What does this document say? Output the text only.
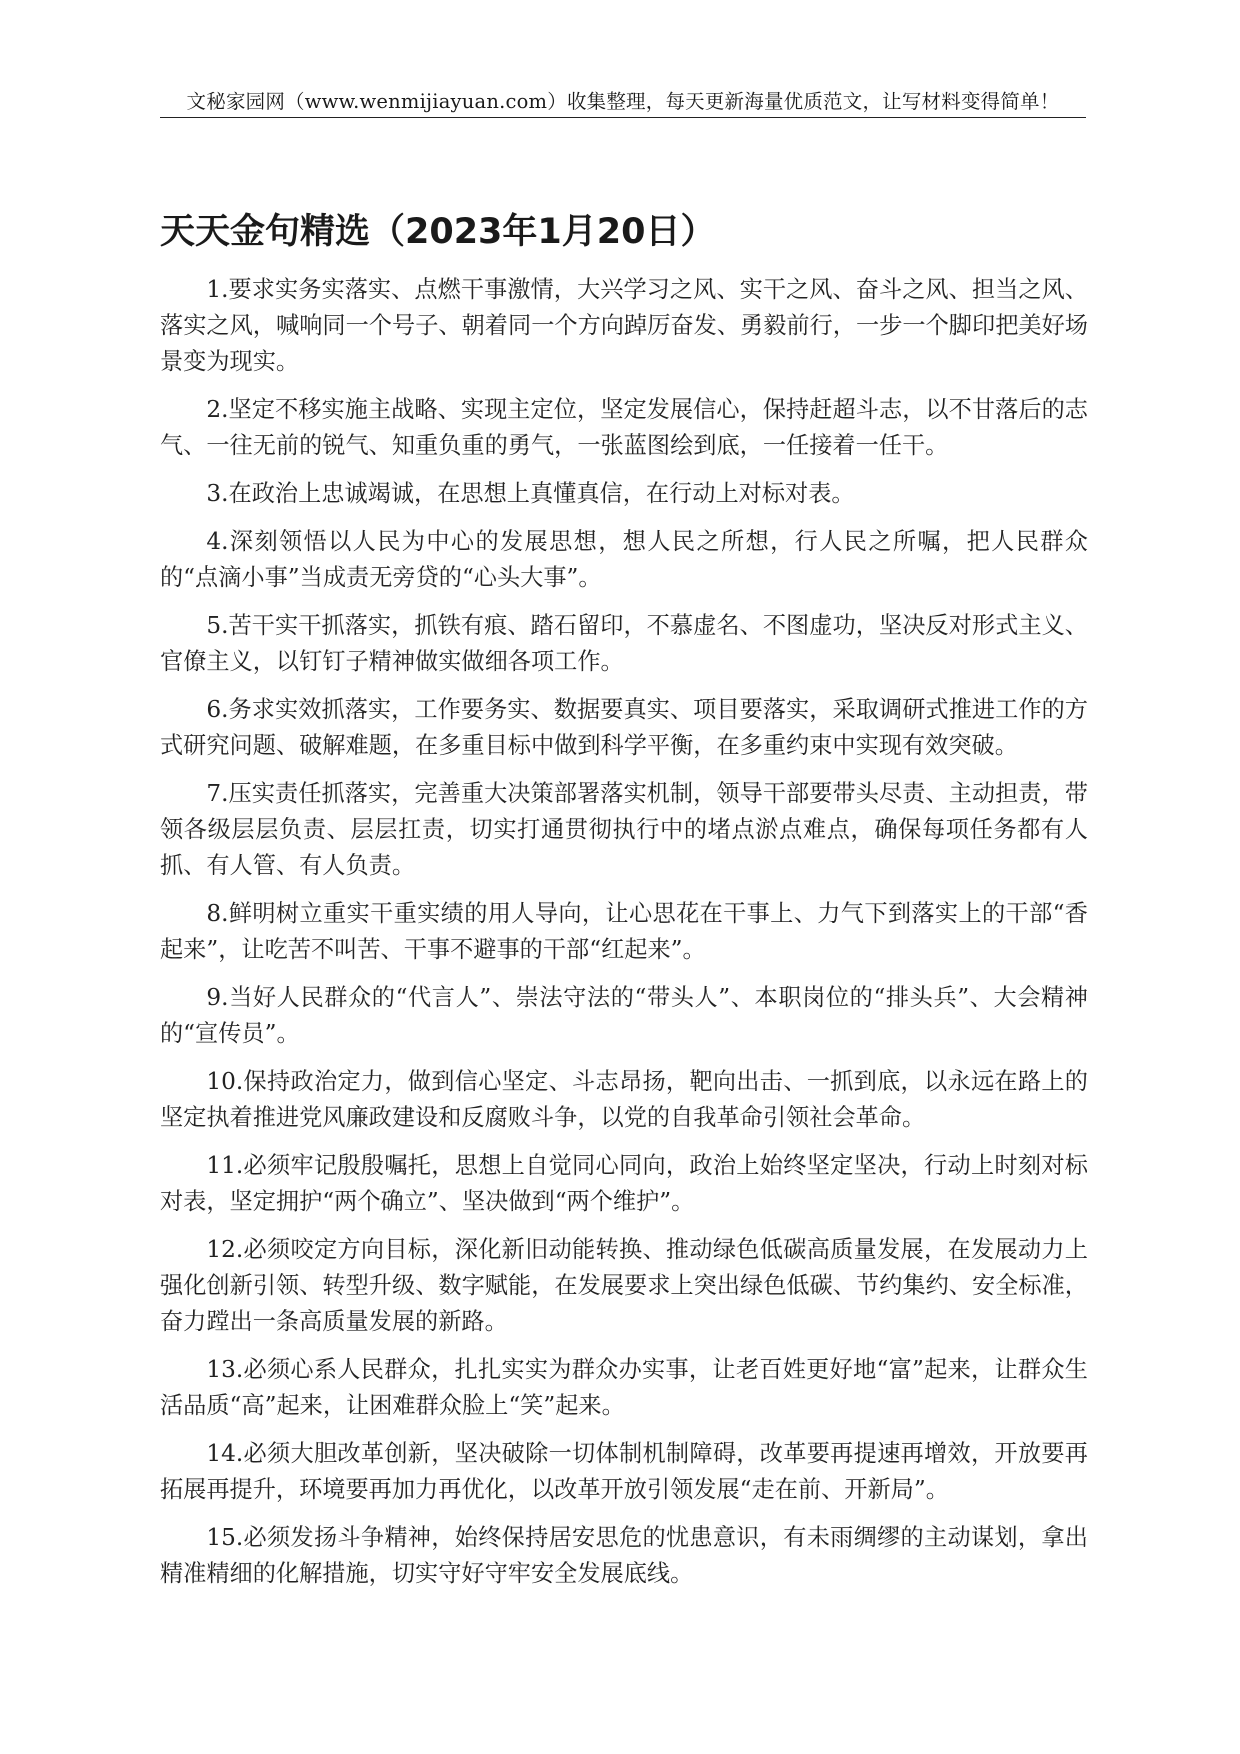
文秘家园网（www.wenmijiayuan.com）收集整理，每天更新海量优质范文，让写材料变得简单！
天天金句精选（2023年1月20日）

1.要求实务实落实、点燃干事激情，大兴学习之风、实干之风、奋斗之风、担当之风、落实之风，喊响同一个号子、朝着同一个方向踔厉奋发、勇毅前行，一步一个脚印把美好场景变为现实。

2.坚定不移实施主战略、实现主定位，坚定发展信心，保持赶超斗志，以不甘落后的志气、一往无前的锐气、知重负重的勇气，一张蓝图绘到底，一任接着一任干。

3.在政治上忠诚竭诚，在思想上真懂真信，在行动上对标对表。

4.深刻领悟以人民为中心的发展思想，想人民之所想，行人民之所嘱，把人民群众的“点滴小事”当成责无旁贷的“心头大事”。

5.苦干实干抓落实，抓铁有痕、踏石留印，不慕虚名、不图虚功，坚决反对形式主义、官僚主义，以钉钉子精神做实做细各项工作。

6.务求实效抓落实，工作要务实、数据要真实、项目要落实，采取调研式推进工作的方式研究问题、破解难题，在多重目标中做到科学平衡，在多重约束中实现有效突破。

7.压实责任抓落实，完善重大决策部署落实机制，领导干部要带头尽责、主动担责，带领各级层层负责、层层扛责，切实打通贯彻执行中的堵点淤点难点，确保每项任务都有人抓、有人管、有人负责。

8.鲜明树立重实干重实绩的用人导向，让心思花在干事上、力气下到落实上的干部“香起来”，让吃苦不叫苦、干事不避事的干部“红起来”。

9.当好人民群众的“代言人”、崇法守法的“带头人”、本职岗位的“排头兵”、大会精神的“宣传员”。

10.保持政治定力，做到信心坚定、斗志昂扬，靶向出击、一抓到底，以永远在路上的坚定执着推进党风廉政建设和反腐败斗争，以党的自我革命引领社会革命。

11.必须牢记殷殷嘱托，思想上自觉同心同向，政治上始终坚定坚决，行动上时刻对标对表，坚定拥护“两个确立”、坚决做到“两个维护”。

12.必须咬定方向目标，深化新旧动能转换、推动绿色低碳高质量发展，在发展动力上强化创新引领、转型升级、数字赋能，在发展要求上突出绿色低碳、节约集约、安全标准，奋力蹚出一条高质量发展的新路。

13.必须心系人民群众，扎扎实实为群众办实事，让老百姓更好地“富”起来，让群众生活品质“高”起来，让困难群众脸上“笑”起来。

14.必须大胆改革创新，坚决破除一切体制机制障碍，改革要再提速再增效，开放要再拓展再提升，环境要再加力再优化，以改革开放引领发展“走在前、开新局”。

15.必须发扬斗争精神，始终保持居安思危的忧患意识，有未雨绸缪的主动谋划，拿出精准精细的化解措施，切实守好守牢安全发展底线。
